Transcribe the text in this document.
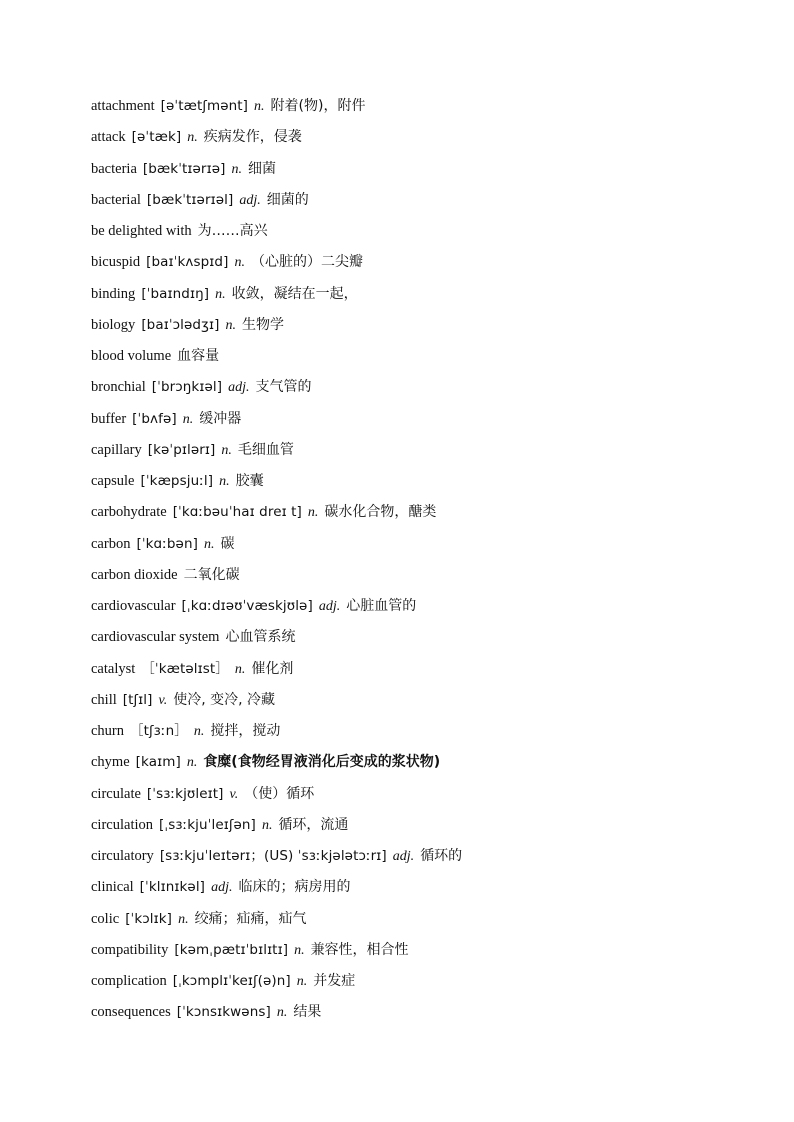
attachment [əˈtætʃmənt] n. 附着(物)，附件
attack [əˈtæk] n. 疾病发作，侵袭
bacteria [bækˈtɪərɪə] n. 细菌
bacterial [bækˈtɪərɪəl] adj. 细菌的
be delighted with 为……高兴
bicuspid [baɪˈkʌspɪd] n. （心脏的）二尖瓣
binding [ˈbaɪndɪŋ] n. 收敛，凝结在一起，
biology [baɪˈɔlədʒɪ] n. 生物学
blood volume 血容量
bronchial [ˈbrɔŋkɪəl] adj. 支气管的
buffer [ˈbʌfə] n. 缓冲器
capillary [kəˈpɪlərɪ] n. 毛细血管
capsule [ˈkæpsjuːl] n. 胶囊
carbohydrate [ˈkɑːbəuˈhaɪ dreɪ t] n. 碳水化合物，醣类
carbon [ˈkɑːbən] n. 碳
carbon dioxide 二氧化碳
cardiovascular [ˌkɑːdɪəʊˈvæskjʊlə] adj. 心脏血管的
cardiovascular system 心血管系统
catalyst ［ˈkætəlɪst］ n. 催化剂
chill [tʃɪl] v. 使冷, 变冷, 冷藏
churn ［tʃɜːn］ n. 搅拌，搅动
chyme [kaɪm] n. 食糜(食物经胃液消化后变成的浆状物)
circulate [ˈsɜːkjʊleɪt] v. （使）循环
circulation [ˌsɜːkjuˈleɪʃən] n. 循环，流通
circulatory [sɜːkjuˈleɪtərɪ；(US) ˈsɜːkjələtɔːrɪ] adj. 循环的
clinical [ˈklɪnɪkəl] adj. 临床的；病房用的
colic [ˈkɔlɪk] n. 绞痛；疝痛，疝气
compatibility [kəmˌpætɪˈbɪlɪtɪ] n. 兼容性，相合性
complication [ˌkɔmplɪˈkeɪʃ(ə)n] n. 并发症
consequences [ˈkɔnsɪkwəns] n. 结果
